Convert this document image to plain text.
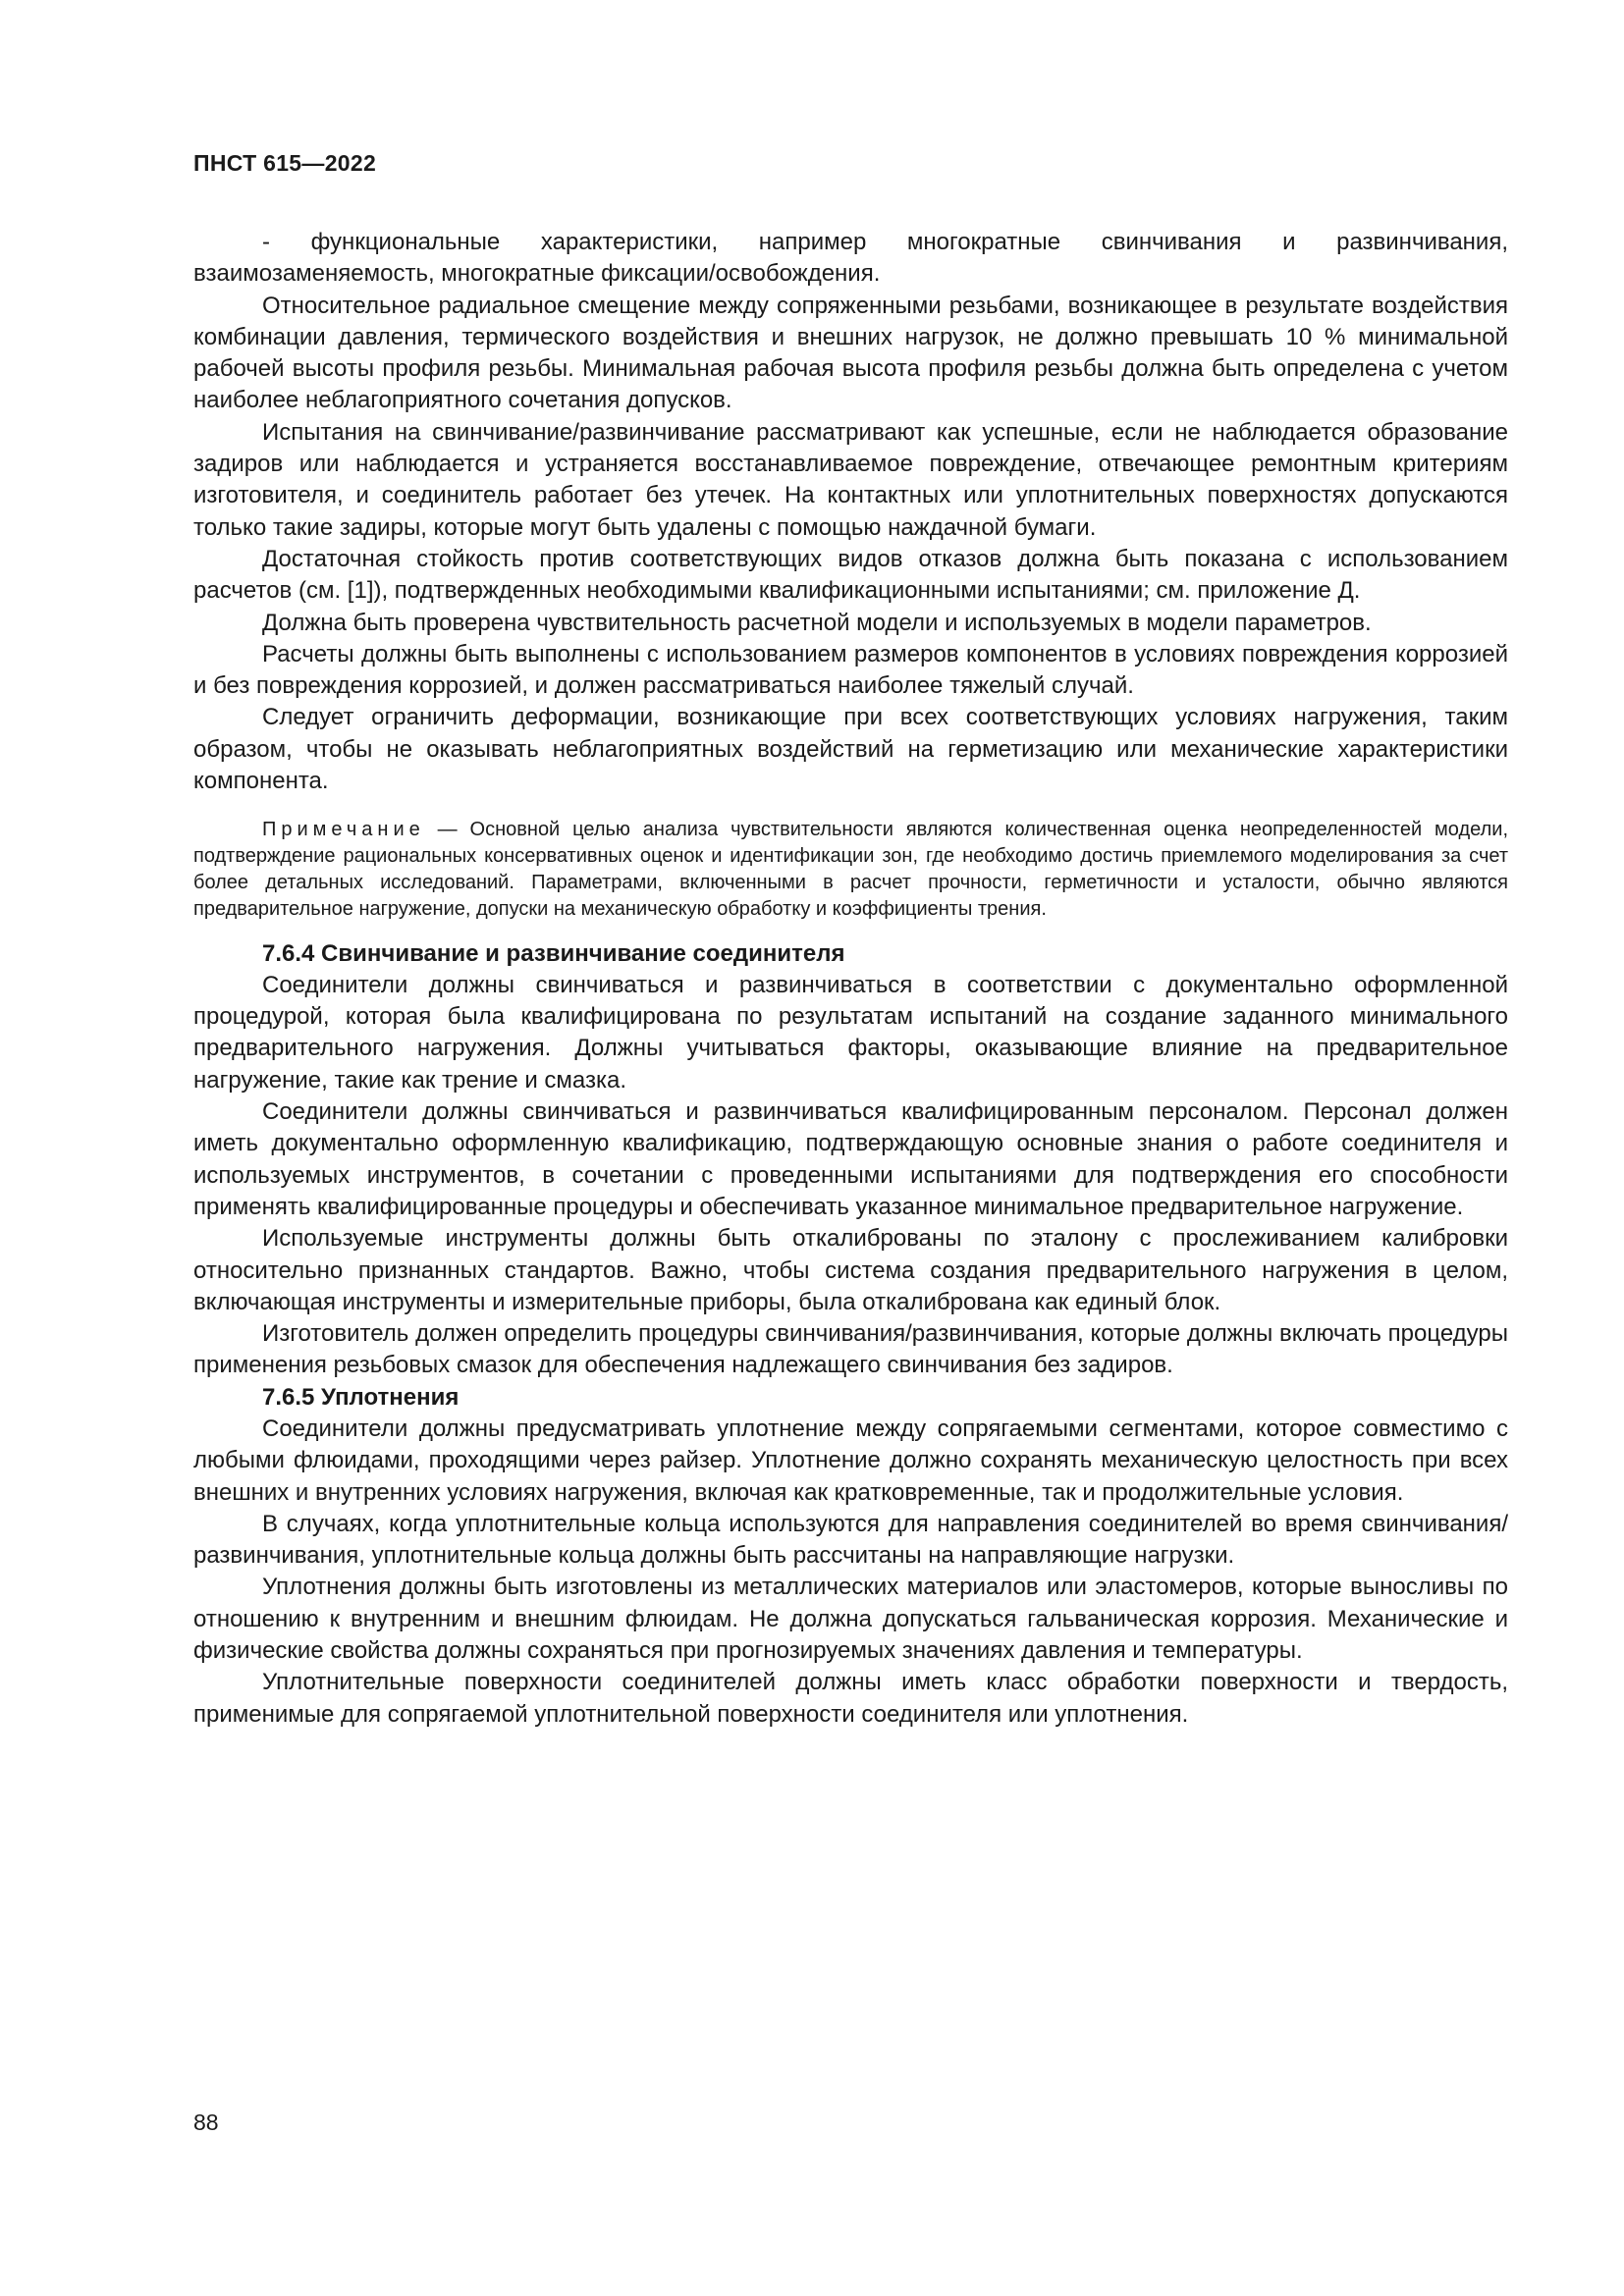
ПНСТ 615—2022

- функциональные характеристики, например многократные свинчивания и развинчивания, взаимозаменяемость, многократные фиксации/освобождения.

Относительное радиальное смещение между сопряженными резьбами, возникающее в результате воздействия комбинации давления, термического воздействия и внешних нагрузок, не должно превышать 10 % минимальной рабочей высоты профиля резьбы. Минимальная рабочая высота профиля резьбы должна быть определена с учетом наиболее неблагоприятного сочетания допусков.

Испытания на свинчивание/развинчивание рассматривают как успешные, если не наблюдается образование задиров или наблюдается и устраняется восстанавливаемое повреждение, отвечающее ремонтным критериям изготовителя, и соединитель работает без утечек. На контактных или уплотнительных поверхностях допускаются только такие задиры, которые могут быть удалены с помощью наждачной бумаги.

Достаточная стойкость против соответствующих видов отказов должна быть показана с использованием расчетов (см. [1]), подтвержденных необходимыми квалификационными испытаниями; см. приложение Д.

Должна быть проверена чувствительность расчетной модели и используемых в модели параметров.

Расчеты должны быть выполнены с использованием размеров компонентов в условиях повреждения коррозией и без повреждения коррозией, и должен рассматриваться наиболее тяжелый случай.

Следует ограничить деформации, возникающие при всех соответствующих условиях нагружения, таким образом, чтобы не оказывать неблагоприятных воздействий на герметизацию или механические характеристики компонента.

Примечание — Основной целью анализа чувствительности являются количественная оценка неопределенностей модели, подтверждение рациональных консервативных оценок и идентификации зон, где необходимо достичь приемлемого моделирования за счет более детальных исследований. Параметрами, включенными в расчет прочности, герметичности и усталости, обычно являются предварительное нагружение, допуски на механическую обработку и коэффициенты трения.

7.6.4 Свинчивание и развинчивание соединителя

Соединители должны свинчиваться и развинчиваться в соответствии с документально оформленной процедурой, которая была квалифицирована по результатам испытаний на создание заданного минимального предварительного нагружения. Должны учитываться факторы, оказывающие влияние на предварительное нагружение, такие как трение и смазка.

Соединители должны свинчиваться и развинчиваться квалифицированным персоналом. Персонал должен иметь документально оформленную квалификацию, подтверждающую основные знания о работе соединителя и используемых инструментов, в сочетании с проведенными испытаниями для подтверждения его способности применять квалифицированные процедуры и обеспечивать указанное минимальное предварительное нагружение.

Используемые инструменты должны быть откалиброваны по эталону с прослеживанием калибровки относительно признанных стандартов. Важно, чтобы система создания предварительного нагружения в целом, включающая инструменты и измерительные приборы, была откалибрована как единый блок.

Изготовитель должен определить процедуры свинчивания/развинчивания, которые должны включать процедуры применения резьбовых смазок для обеспечения надлежащего свинчивания без задиров.

7.6.5 Уплотнения

Соединители должны предусматривать уплотнение между сопрягаемыми сегментами, которое совместимо с любыми флюидами, проходящими через райзер. Уплотнение должно сохранять механическую целостность при всех внешних и внутренних условиях нагружения, включая как кратковременные, так и продолжительные условия.

В случаях, когда уплотнительные кольца используются для направления соединителей во время свинчивания/развинчивания, уплотнительные кольца должны быть рассчитаны на направляющие нагрузки.

Уплотнения должны быть изготовлены из металлических материалов или эластомеров, которые выносливы по отношению к внутренним и внешним флюидам. Не должна допускаться гальваническая коррозия. Механические и физические свойства должны сохраняться при прогнозируемых значениях давления и температуры.

Уплотнительные поверхности соединителей должны иметь класс обработки поверхности и твердость, применимые для сопрягаемой уплотнительной поверхности соединителя или уплотнения.

88
